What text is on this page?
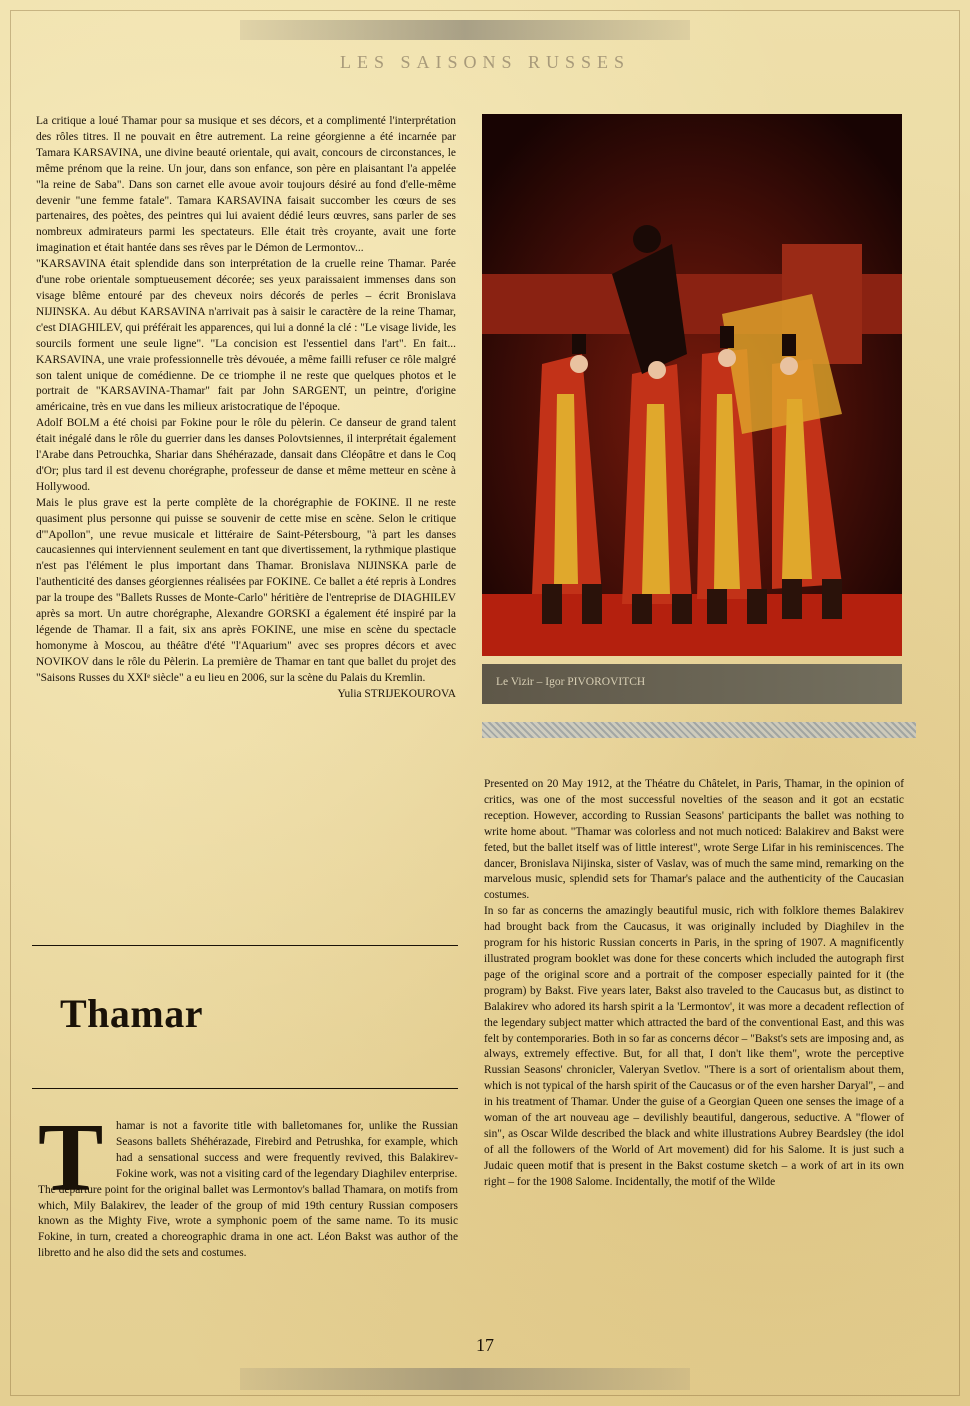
LES SAISONS RUSSES

La critique a loué Thamar pour sa musique et ses décors, et a complimenté l'interprétation des rôles titres. Il ne pouvait en être autrement. La reine géorgienne a été incarnée par Tamara KARSAVINA, une divine beauté orientale, qui avait, concours de circonstances, le même prénom que la reine. Un jour, dans son enfance, son père en plaisantant l'a appelée "la reine de Saba". Dans son carnet elle avoue avoir toujours désiré au fond d'elle-même devenir "une femme fatale". Tamara KARSAVINA faisait succomber les cœurs de ses partenaires, des poètes, des peintres qui lui avaient dédié leurs œuvres, sans parler de ses nombreux admirateurs parmi les spectateurs. Elle était très croyante, avait une forte imagination et était hantée dans ses rêves par le Démon de Lermontov...

"KARSAVINA était splendide dans son interprétation de la cruelle reine Thamar. Parée d'une robe orientale somptueusement décorée; ses yeux paraissaient immenses dans son visage blême entouré par des cheveux noirs décorés de perles – écrit Bronislava NIJINSKA. Au début KARSAVINA n'arrivait pas à saisir le caractère de la reine Thamar, c'est DIAGHILEV, qui préférait les apparences, qui lui a donné la clé : "Le visage livide, les sourcils forment une seule ligne". "La concision est l'essentiel dans l'art". En fait... KARSAVINA, une vraie professionnelle très dévouée, a même failli refuser ce rôle malgré son talent unique de comédienne. De ce triomphe il ne reste que quelques photos et le portrait de "KARSAVINA-Thamar" fait par John SARGENT, un peintre, d'origine américaine, très en vue dans les milieux aristocratique de l'époque.

Adolf BOLM a été choisi par Fokine pour le rôle du pèlerin. Ce danseur de grand talent était inégalé dans le rôle du guerrier dans les danses Polovtsiennes, il interprétait également l'Arabe dans Petrouchka, Shariar dans Shéhérazade, dansait dans Cléopâtre et dans le Coq d'Or; plus tard il est devenu chorégraphe, professeur de danse et même metteur en scène à Hollywood.

Mais le plus grave est la perte complète de la chorégraphie de FOKINE. Il ne reste quasiment plus personne qui puisse se souvenir de cette mise en scène. Selon le critique d'"Apollon", une revue musicale et littéraire de Saint-Pétersbourg, "à part les danses caucasiennes qui interviennent seulement en tant que divertissement, la rythmique plastique n'est pas l'élément le plus important dans Thamar. Bronislava NIJINSKA parle de l'authenticité des danses géorgiennes réalisées par FOKINE. Ce ballet a été repris à Londres par la troupe des "Ballets Russes de Monte-Carlo" héritière de l'entreprise de DIAGHILEV après sa mort. Un autre chorégraphe, Alexandre GORSKI a également été inspiré par la légende de Thamar. Il a fait, six ans après FOKINE, une mise en scène du spectacle homonyme à Moscou, au théâtre d'été "l'Aquarium" avec ses propres décors et avec NOVIKOV dans le rôle du Pèlerin. La première de Thamar en tant que ballet du projet des "Saisons Russes du XXIᵉ siècle" a eu lieu en 2006, sur la scène du Palais du Kremlin.

Yulia STRIJEKOUROVA
Thamar
T hamar is not a favorite title with balletomanes for, unlike the Russian Seasons ballets Shéhérazade, Firebird and Petrushka, for example, which had a sensational success and were frequently revived, this Balakirev-Fokine work, was not a visiting card of the legendary Diaghilev enterprise.

The departure point for the original ballet was Lermontov's ballad Thamara, on motifs from which, Mily Balakirev, the leader of the group of mid 19th century Russian composers known as the Mighty Five, wrote a symphonic poem of the same name. To its music Fokine, in turn, created a choreographic drama in one act. Léon Bakst was author of the libretto and he also did the sets and costumes.

Le Vizir – Igor PIVOROVITCH

Presented on 20 May 1912, at the Théatre du Châtelet, in Paris, Thamar, in the opinion of critics, was one of the most successful novelties of the season and it got an ecstatic reception. However, according to Russian Seasons' participants the ballet was nothing to write home about. "Thamar was colorless and not much noticed: Balakirev and Bakst were feted, but the ballet itself was of little interest", wrote Serge Lifar in his reminiscences. The dancer, Bronislava Nijinska, sister of Vaslav, was of much the same mind, remarking on the marvelous music, splendid sets for Thamar's palace and the authenticity of the Caucasian costumes.

In so far as concerns the amazingly beautiful music, rich with folklore themes Balakirev had brought back from the Caucasus, it was originally included by Diaghilev in the program for his historic Russian concerts in Paris, in the spring of 1907. A magnificently illustrated program booklet was done for these concerts which included the autograph first page of the original score and a portrait of the composer especially painted for it (the program) by Bakst. Five years later, Bakst also traveled to the Caucasus but, as distinct to Balakirev who adored its harsh spirit a la 'Lermontov', it was more a decadent reflection of the legendary subject matter which attracted the bard of the conventional East, and this was felt by contemporaries. Both in so far as concerns décor – "Bakst's sets are imposing and, as always, extremely effective. But, for all that, I don't like them", wrote the perceptive Russian Seasons' chronicler, Valeryan Svetlov. "There is a sort of orientalism about them, which is not typical of the harsh spirit of the Caucasus or of the even harsher Daryal", – and in his treatment of Thamar. Under the guise of a Georgian Queen one senses the image of a woman of the art nouveau age – devilishly beautiful, dangerous, seductive. A "flower of sin", as Oscar Wilde described the black and white illustrations Aubrey Beardsley (the idol of all the followers of the World of Art movement) did for his Salome. It is just such a Judaic queen motif that is present in the Bakst costume sketch – a work of art in its own right – for the 1908 Salome. Incidentally, the motif of the Wilde

17
